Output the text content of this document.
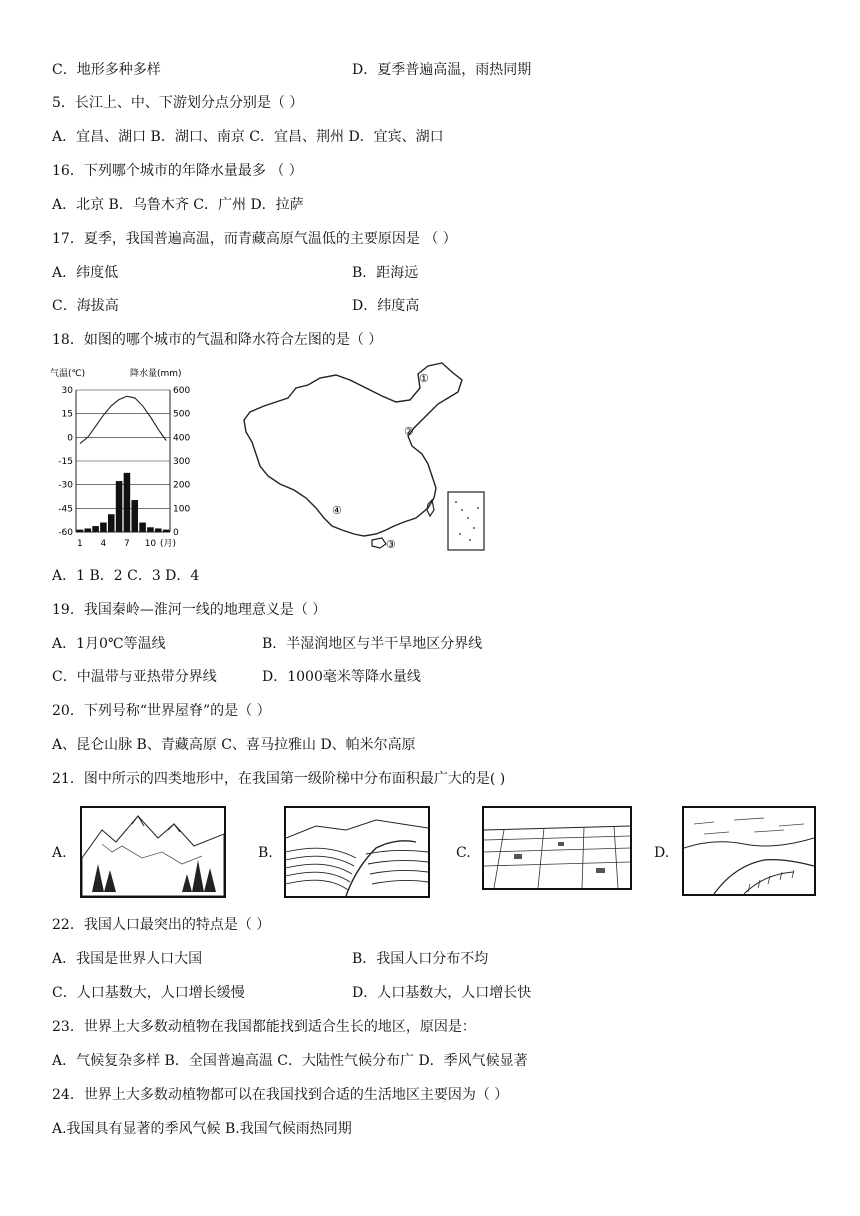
C．地形多种多样	D．夏季普遍高温，雨热同期
5．长江上、中、下游划分点分别是（ ）
A．宜昌、湖口 B．湖口、南京 C．宜昌、荆州 D．宜宾、湖口
16．下列哪个城市的年降水量最多 （ ）
A．北京 B．乌鲁木齐 C．广州 D．拉萨
17．夏季，我国普遍高温，而青藏高原气温低的主要原因是 （ ）
A．纬度低	B．距海远
C．海拔高	D．纬度高
18．如图的哪个城市的气温和降水符合左图的是（ ）
气温(℃)	降水量(mm)
30
15
0
-15
-30
-45
-60
600
500
400
300
200
100
0
1 4 7 10 (月)
①
②
③
④
A．1 B．2 C．3 D．4
19．我国秦岭—淮河一线的地理意义是（ ）
A．1月0℃等温线	B．半湿润地区与半干旱地区分界线
C．中温带与亚热带分界线	D．1000毫米等降水量线
20．下列号称“世界屋脊”的是（ ）
A、昆仑山脉 B、青藏高原 C、喜马拉雅山 D、帕米尔高原
21．图中所示的四类地形中，在我国第一级阶梯中分布面积最广大的是( )
A.	B.	C.	D.
22．我国人口最突出的特点是（ ）
A．我国是世界人口大国	B．我国人口分布不均
C．人口基数大，人口增长缓慢	D．人口基数大，人口增长快
23．世界上大多数动植物在我国都能找到适合生长的地区，原因是：
A．气候复杂多样 B．全国普遍高温 C．大陆性气候分布广 D．季风气候显著
24．世界上大多数动植物都可以在我国找到合适的生活地区主要因为（ ）
A.我国具有显著的季风气候 B.我国气候雨热同期
